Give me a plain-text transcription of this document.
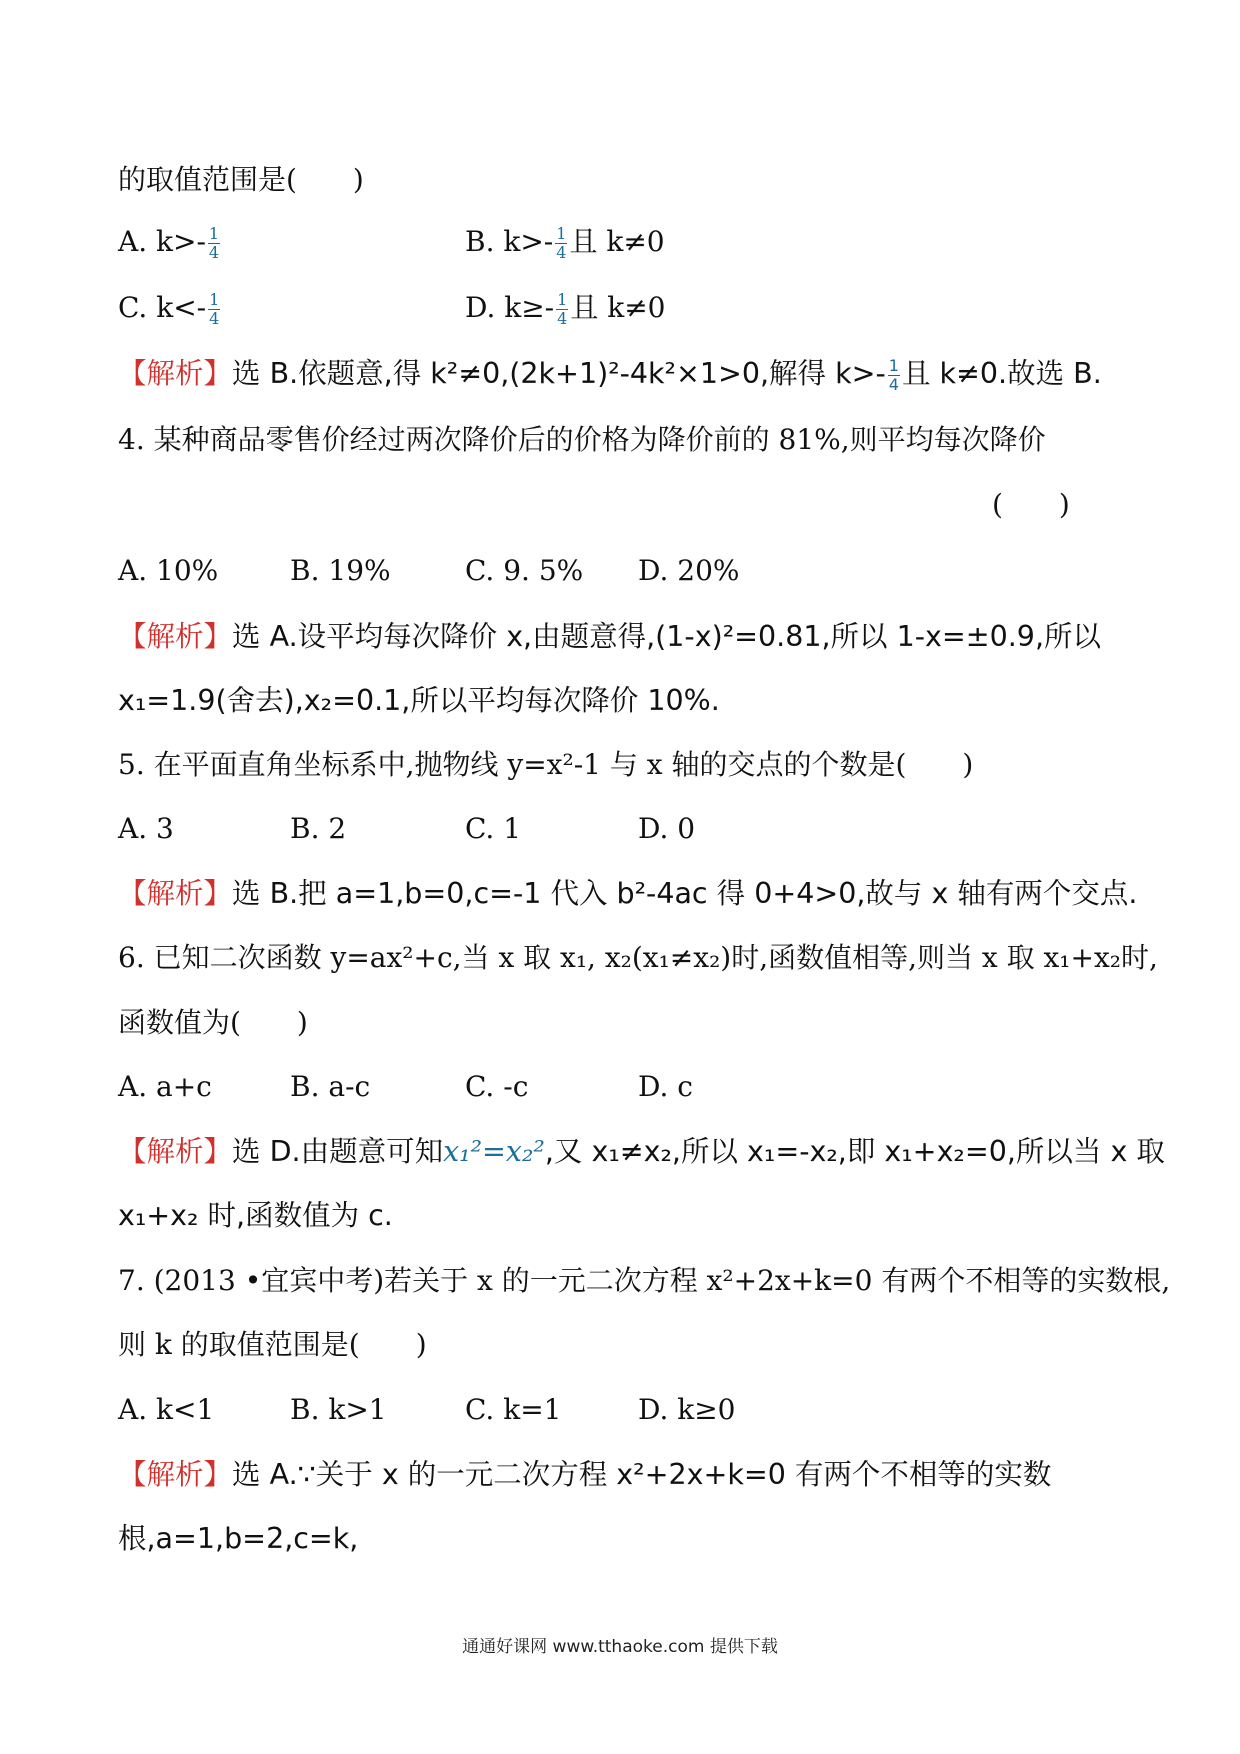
的取值范围是(　　)
A. $k>- \frac{1}{4}$	B. $k>- \frac{1}{4}$ 且 k≠0
C. $k<- \frac{1}{4}$	D. $k\ge- \frac{1}{4}$ 且 k≠0
【解析】选 B.依题意,得 k²≠0,(2k+1)²-4k²×1>0,解得 $k>- \frac{1}{4}$ 且 k≠0.故选 B.
4. 某种商品零售价经过两次降价后的价格为降价前的 81%,则平均每次降价
(　　)
A. 10%	B. 19%	C. 9. 5% D. 20%
【解析】选 A.设平均每次降价 x,由题意得,(1-x)²=0.81,所以 1-x=±0.9,所以
x₁=1.9(舍去),x₂=0.1,所以平均每次降价 10%.
5. 在平面直角坐标系中,抛物线 y=x²-1 与 x 轴的交点的个数是(　　)
A. 3	B. 2	C. 1	D. 0
【解析】选 B.把 a=1,b=0,c=-1 代入 b²-4ac 得 0+4>0,故与 x 轴有两个交点.
6. 已知二次函数 y=ax²+c,当 x 取 x₁, x₂(x₁≠x₂)时,函数值相等,则当 x 取 x₁+x₂时,
函数值为(　　)
A. a+c	B. a-c	C. -c	D. c
【解析】选 D.由题意可知x₁²=x₂²,又 x₁≠x₂,所以 x₁=-x₂,即 x₁+x₂=0,所以当 x 取
x₁+x₂ 时,函数值为 c.
7. (2013 •宜宾中考)若关于 x 的一元二次方程 x²+2x+k=0 有两个不相等的实数根,
则 k 的取值范围是(　　)
A. k<1	B. k>1	C. k=1	D. k≥0
【解析】选 A.∵关于 x 的一元二次方程 x²+2x+k=0 有两个不相等的实数
根,a=1,b=2,c=k,
通通好课网 www.tthaoke.com 提供下载
